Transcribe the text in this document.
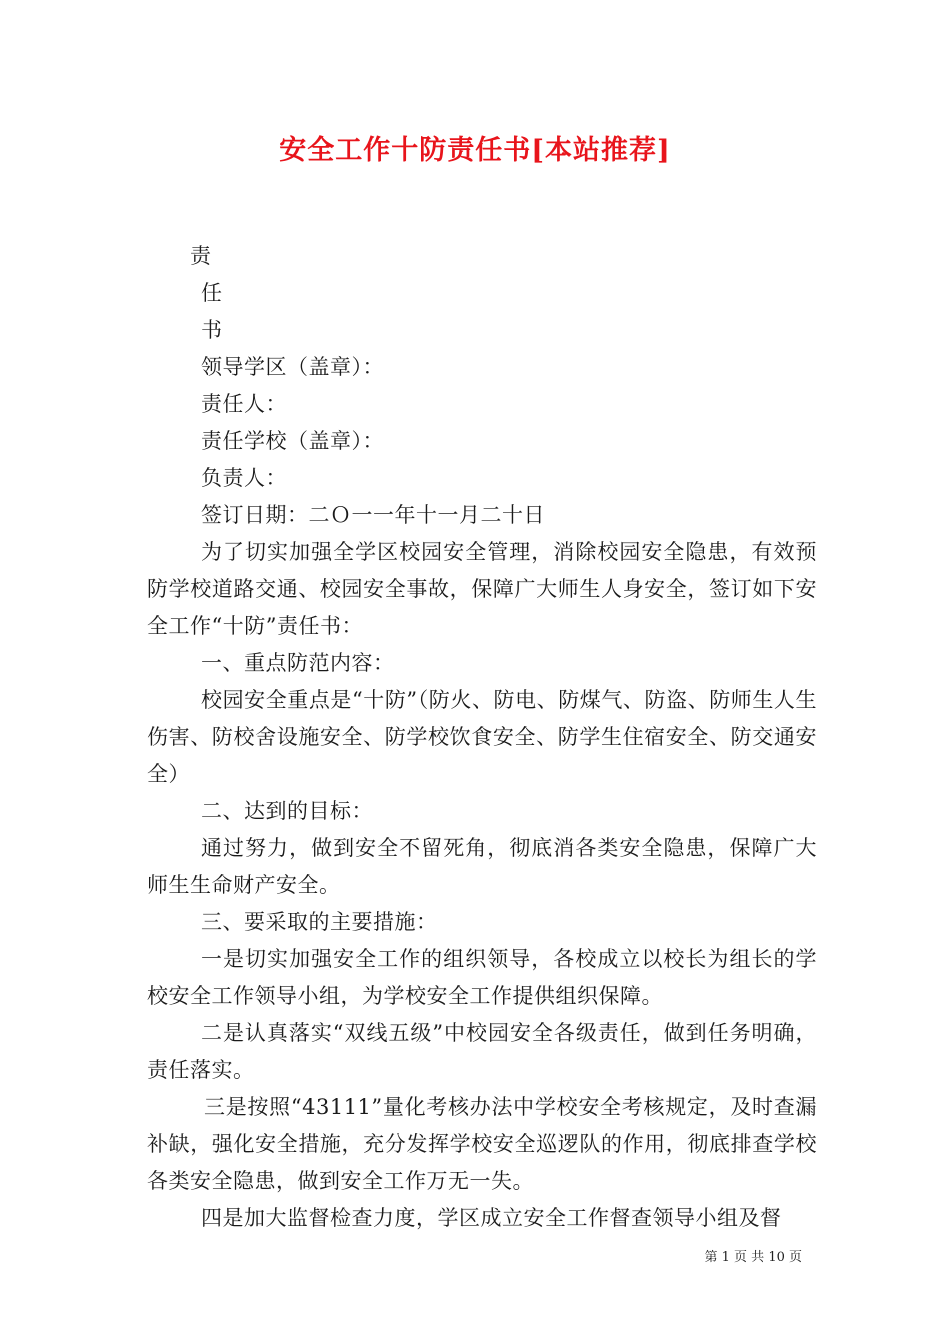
安全工作十防责任书[本站推荐]

责

任

书

领导学区（盖章）：

责任人：

责任学校（盖章）：

负责人：

签订日期：二Ｏ一一年十一月二十日

为了切实加强全学区校园安全管理，消除校园安全隐患，有效预防学校道路交通、校园安全事故，保障广大师生人身安全，签订如下安全工作“十防”责任书：

一、重点防范内容：

校园安全重点是“十防”（防火、防电、防煤气、防盗、防师生人生伤害、防校舍设施安全、防学校饮食安全、防学生住宿安全、防交通安全）

二、达到的目标：

通过努力，做到安全不留死角，彻底消各类安全隐患，保障广大师生生命财产安全。

三、要采取的主要措施：

一是切实加强安全工作的组织领导，各校成立以校长为组长的学校安全工作领导小组，为学校安全工作提供组织保障。

二是认真落实“双线五级”中校园安全各级责任，做到任务明确，责任落实。

三是按照“43111”量化考核办法中学校安全考核规定，及时查漏补缺，强化安全措施，充分发挥学校安全巡逻队的作用，彻底排查学校各类安全隐患，做到安全工作万无一失。

四是加大监督检查力度，学区成立安全工作督查领导小组及督

第 1 页 共 10 页
